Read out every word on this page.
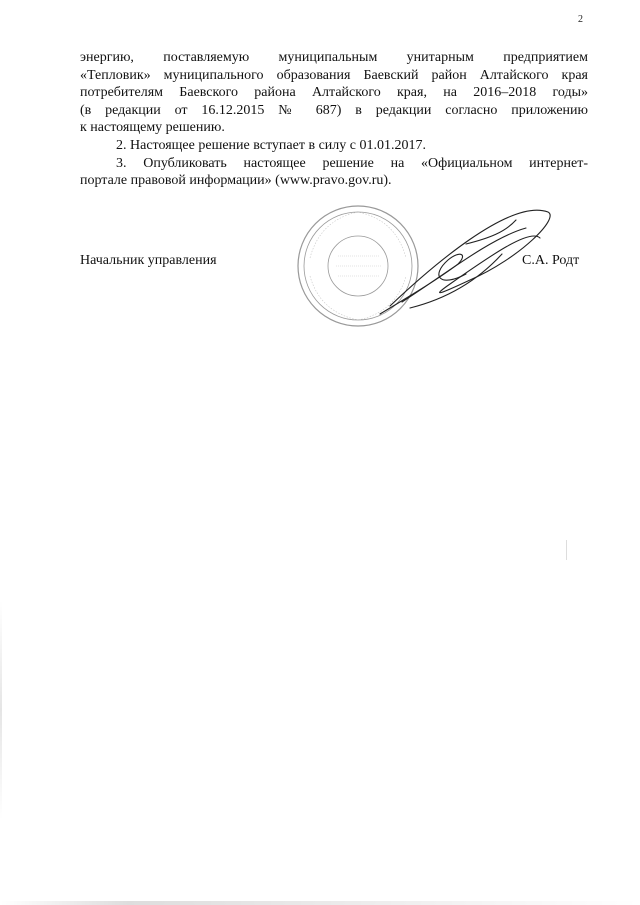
2
энергию, поставляемую муниципальным унитарным предприятием
«Тепловик» муниципального образования Баевский район Алтайского края
потребителям Баевского района Алтайского края, на 2016–2018 годы»
(в редакции от 16.12.2015 № 687) в редакции согласно приложению
к настоящему решению.
2. Настоящее решение вступает в силу с 01.01.2017.
3. Опубликовать настоящее решение на «Официальном интернет-
портале правовой информации» (www.pravo.gov.ru).
Начальник управления	С.А. Родт
